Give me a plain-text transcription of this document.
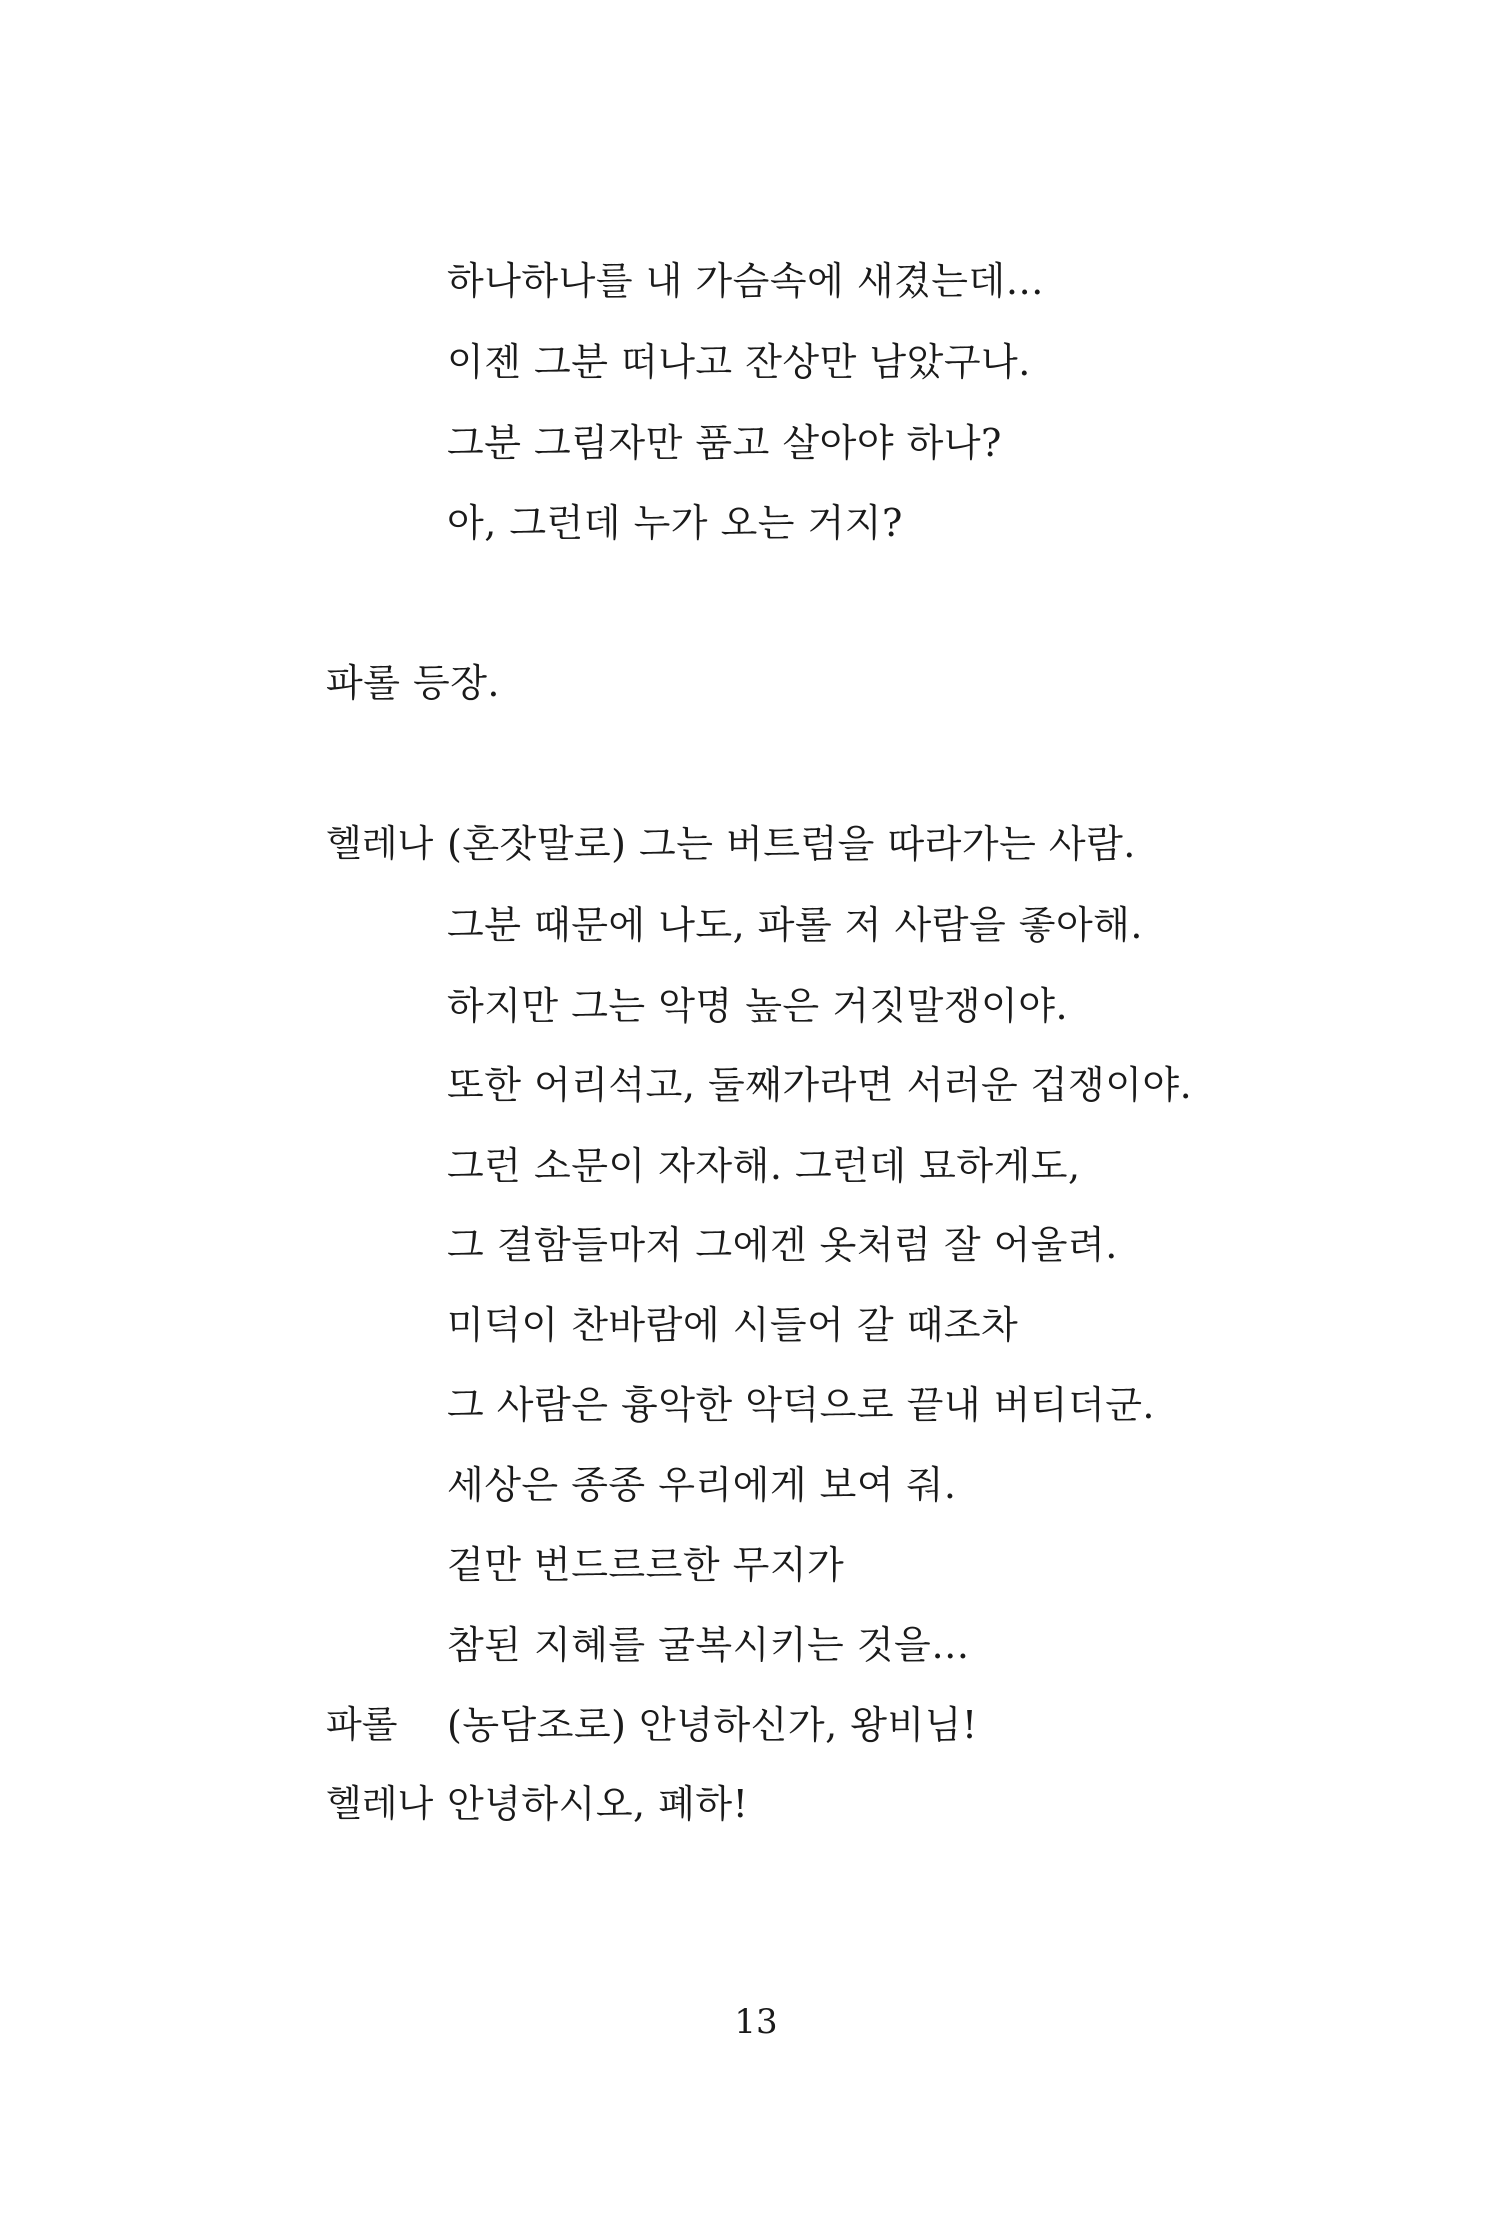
하나하나를 내 가슴속에 새겼는데…
이젠 그분 떠나고 잔상만 남았구나.
그분 그림자만 품고 살아야 하나?
아, 그런데 누가 오는 거지?
파롤 등장.
헬레나 (혼잣말로) 그는 버트럼을 따라가는 사람.
그분 때문에 나도, 파롤 저 사람을 좋아해.
하지만 그는 악명 높은 거짓말쟁이야.
또한 어리석고, 둘째가라면 서러운 겁쟁이야.
그런 소문이 자자해. 그런데 묘하게도,
그 결함들마저 그에겐 옷처럼 잘 어울려.
미덕이 찬바람에 시들어 갈 때조차
그 사람은 흉악한 악덕으로 끝내 버티더군.
세상은 종종 우리에게 보여 줘.
겉만 번드르르한 무지가
참된 지혜를 굴복시키는 것을…
파롤 (농담조로) 안녕하신가, 왕비님!
헬레나 안녕하시오, 폐하!
13
